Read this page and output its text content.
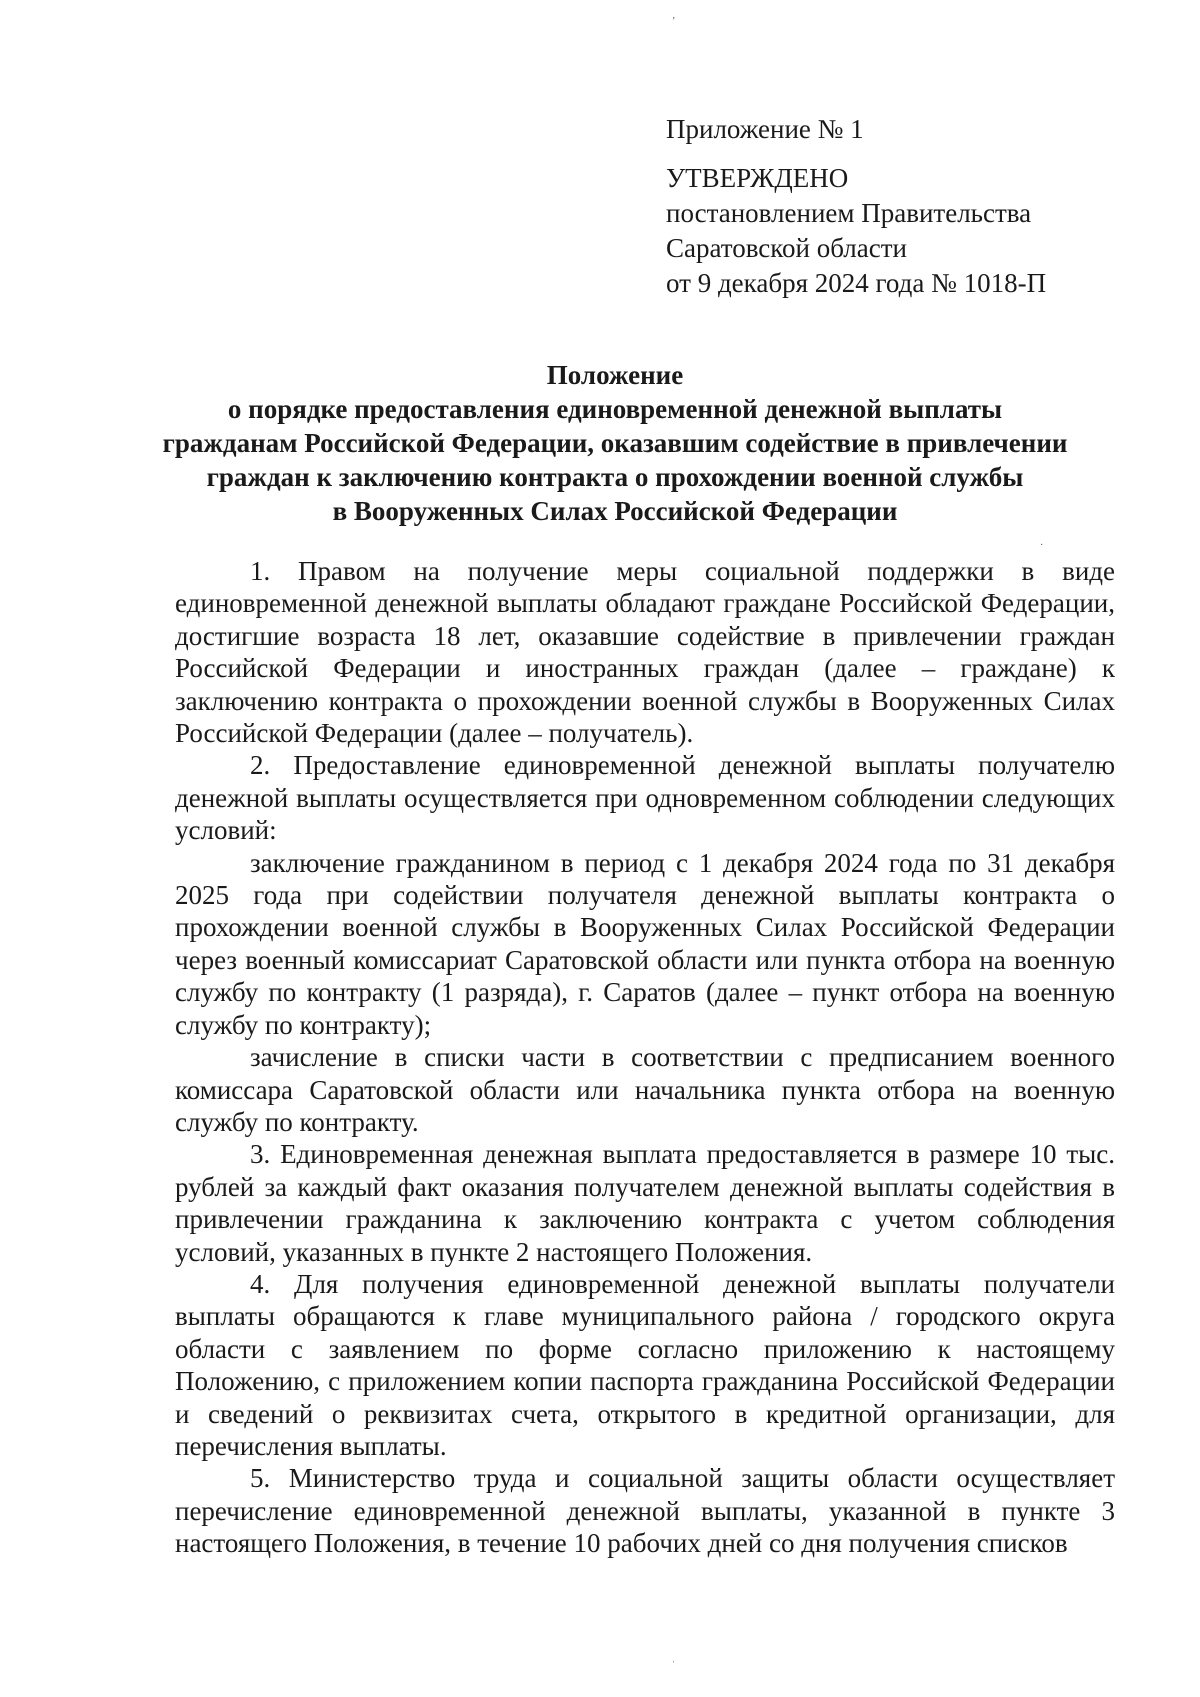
Приложение № 1

УТВЕРЖДЕНО

постановлением Правительства

Саратовской области

от 9 декабря 2024 года № 1018-П

Положение

о порядке предоставления единовременной денежной выплаты

гражданам Российской Федерации, оказавшим содействие в привлечении

граждан к заключению контракта о прохождении военной службы

в Вооруженных Силах Российской Федерации

1. Правом на получение меры социальной поддержки в виде единовременной денежной выплаты обладают граждане Российской Федерации, достигшие возраста 18 лет, оказавшие содействие в привлечении граждан Российской Федерации и иностранных граждан (далее – граждане) к заключению контракта о прохождении военной службы в Вооруженных Силах Российской Федерации (далее – получатель).

2. Предоставление единовременной денежной выплаты получателю денежной выплаты осуществляется при одновременном соблюдении следующих условий:

заключение гражданином в период с 1 декабря 2024 года по 31 декабря 2025 года при содействии получателя денежной выплаты контракта о прохождении военной службы в Вооруженных Силах Российской Федерации через военный комиссариат Саратовской области или пункта отбора на военную службу по контракту (1 разряда), г. Саратов (далее – пункт отбора на военную службу по контракту);

зачисление в списки части в соответствии с предписанием военного комиссара Саратовской области или начальника пункта отбора на военную службу по контракту.

3. Единовременная денежная выплата предоставляется в размере 10 тыс. рублей за каждый факт оказания получателем денежной выплаты содействия в привлечении гражданина к заключению контракта с учетом соблюдения условий, указанных в пункте 2 настоящего Положения.

4. Для получения единовременной денежной выплаты получатели выплаты обращаются к главе муниципального района / городского округа области с заявлением по форме согласно приложению к настоящему Положению, с приложением копии паспорта гражданина Российской Федерации и сведений о реквизитах счета, открытого в кредитной организации, для перечисления выплаты.

5. Министерство труда и социальной защиты области осуществляет перечисление единовременной денежной выплаты, указанной в пункте 3 настоящего Положения, в течение 10 рабочих дней со дня получения списков

ʼ
·
ˈ
